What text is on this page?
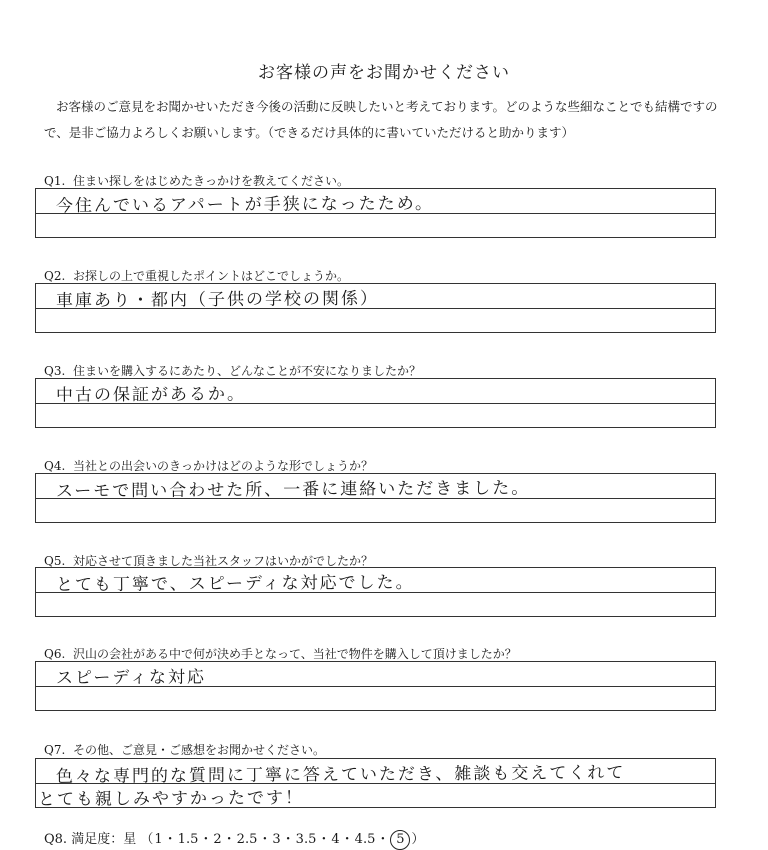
お客様の声をお聞かせください
お客様のご意見をお聞かせいただき今後の活動に反映したいと考えております。どのような些細なことでも結構ですので、是非ご協力よろしくお願いします。（できるだけ具体的に書いていただけると助かります）
Q1. 住まい探しをはじめたきっかけを教えてください。
今住んでいるアパートが手狭になったため。
Q2. お探しの上で重視したポイントはどこでしょうか。
車庫あり・都内（子供の学校の関係）
Q3. 住まいを購入するにあたり、どんなことが不安になりましたか？
中古の保証があるか。
Q4. 当社との出会いのきっかけはどのような形でしょうか？
スーモで問い合わせた所、一番に連絡いただきました。
Q5. 対応させて頂きました当社スタッフはいかがでしたか？
とても丁寧で、スピーディな対応でした。
Q6. 沢山の会社がある中で何が決め手となって、当社で物件を購入して頂けましたか？
スピーディな対応
Q7. その他、ご意見・ご感想をお聞かせください。
色々な専門的な質問に丁寧に答えていただき、雑談も交えてくれて
とても親しみやすかったです！
Q8. 満足度：星 （1・1.5・2・2.5・3・3.5・4・4.5・ 5 ）
